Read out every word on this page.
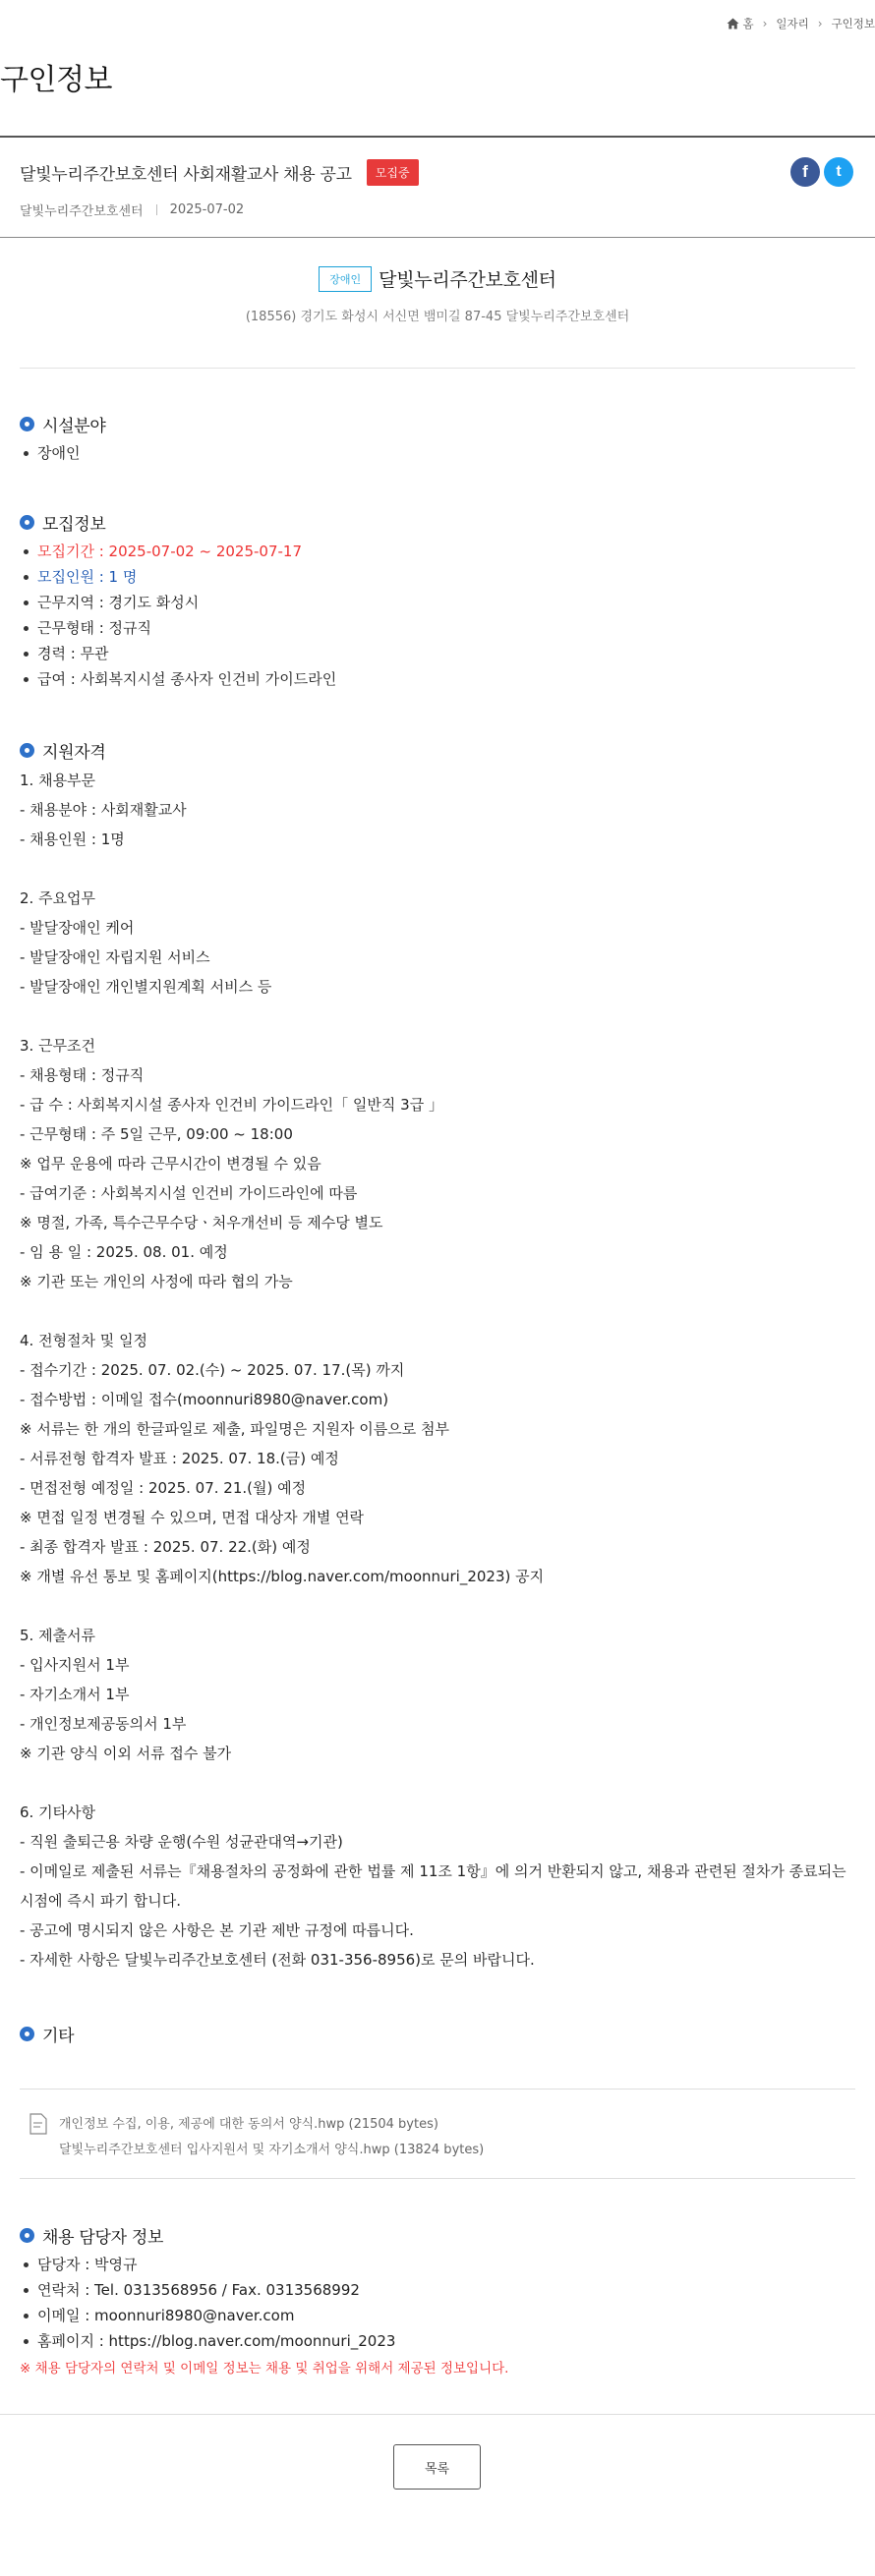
홈 › 일자리 › 구인정보
구인정보
달빛누리주간보호센터 사회재활교사 채용 공고	모집중
달빛누리주간보호센터 2025-07-02
f t
장애인 달빛누리주간보호센터
(18556) 경기도 화성시 서신면 뱀미길 87-45 달빛누리주간보호센터
시설분야
장애인
모집정보
모집기간 : 2025-07-02 ~ 2025-07-17
모집인원 : 1 명
근무지역 : 경기도 화성시
근무형태 : 정규직
경력 : 무관
급여 : 사회복지시설 종사자 인건비 가이드라인
지원자격
1. 채용부문
- 채용분야 : 사회재활교사
- 채용인원 : 1명
2. 주요업무
- 발달장애인 케어
- 발달장애인 자립지원 서비스
- 발달장애인 개인별지원계획 서비스 등
3. 근무조건
- 채용형태 : 정규직
- 급 수 : 사회복지시설 종사자 인건비 가이드라인「 일반직 3급 」
- 근무형태 : 주 5일 근무, 09:00 ~ 18:00
※ 업무 운용에 따라 근무시간이 변경될 수 있음
- 급여기준 : 사회복지시설 인건비 가이드라인에 따름
※ 명절, 가족, 특수근무수당ㆍ처우개선비 등 제수당 별도
- 임 용 일 : 2025. 08. 01. 예정
※ 기관 또는 개인의 사정에 따라 협의 가능
4. 전형절차 및 일정
- 접수기간 : 2025. 07. 02.(수) ~ 2025. 07. 17.(목) 까지
- 접수방법 : 이메일 접수(moonnuri8980@naver.com)
※ 서류는 한 개의 한글파일로 제출, 파일명은 지원자 이름으로 첨부
- 서류전형 합격자 발표 : 2025. 07. 18.(금) 예정
- 면접전형 예정일 : 2025. 07. 21.(월) 예정
※ 면접 일정 변경될 수 있으며, 면접 대상자 개별 연락
- 최종 합격자 발표 : 2025. 07. 22.(화) 예정
※ 개별 유선 통보 및 홈페이지(https://blog.naver.com/moonnuri_2023) 공지
5. 제출서류
- 입사지원서 1부
- 자기소개서 1부
- 개인정보제공동의서 1부
※ 기관 양식 이외 서류 접수 불가
6. 기타사항
- 직원 출퇴근용 차량 운행(수원 성균관대역→기관)
- 이메일로 제출된 서류는『채용절차의 공정화에 관한 법률 제 11조 1항』에 의거 반환되지 않고, 채용과 관련된 절차가 종료되는 시점에 즉시 파기 합니다.
- 공고에 명시되지 않은 사항은 본 기관 제반 규정에 따릅니다.
- 자세한 사항은 달빛누리주간보호센터 (전화 031-356-8956)로 문의 바랍니다.
기타
개인정보 수집, 이용, 제공에 대한 동의서 양식.hwp (21504 bytes)
달빛누리주간보호센터 입사지원서 및 자기소개서 양식.hwp (13824 bytes)
채용 담당자 정보
담당자 : 박영규
연락처 : Tel. 0313568956 / Fax. 0313568992
이메일 : moonnuri8980@naver.com
홈페이지 : https://blog.naver.com/moonnuri_2023
※ 채용 담당자의 연락처 및 이메일 정보는 채용 및 취업을 위해서 제공된 정보입니다.
목록
